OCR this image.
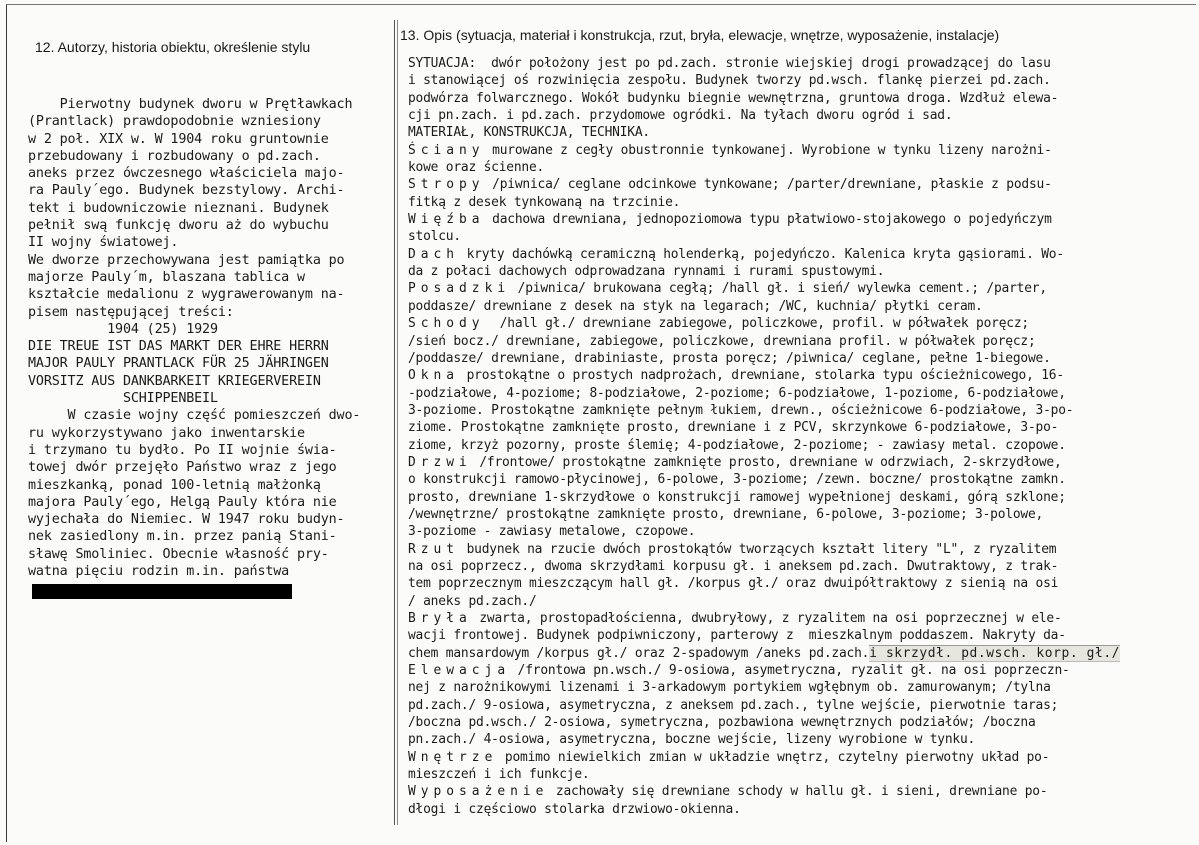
12. Autorzy, historia obiektu, określenie stylu
13. Opis (sytuacja, materiał i konstrukcja, rzut, bryła, elewacje, wnętrze, wyposażenie, instalacje)
Pierwotny budynek dworu w Prętławkach
(Prantlack) prawdopodobnie wzniesiony
w 2 poł. XIX w. W 1904 roku gruntownie
przebudowany i rozbudowany o pd.zach.
aneks przez ówczesnego właściciela majo-
ra Pauly´ego. Budynek bezstylowy. Archi-
tekt i budowniczowie nieznani. Budynek
pełnił swą funkcję dworu aż do wybuchu
II wojny światowej.
We dworze przechowywana jest pamiątka po
majorze Pauly´m, blaszana tablica w
kształcie medalionu z wygrawerowanym na-
pisem następującej treści:
1904 (25) 1929
DIE TREUE IST DAS MARKT DER EHRE HERRN
MAJOR PAULY PRANTLACK FÜR 25 JÄHRINGEN
VORSITZ AUS DANKBARKEIT KRIEGERVEREIN
SCHIPPENBEIL
W czasie wojny część pomieszczeń dwo-
ru wykorzystywano jako inwentarskie
i trzymano tu bydło. Po II wojnie świa-
towej dwór przejęło Państwo wraz z jego
mieszkanką, ponad 100-letnią małżonką
majora Pauly´ego, Helgą Pauly która nie
wyjechała do Niemiec. W 1947 roku budyn-
nek zasiedlony m.in. przez panią Stani-
sławę Smoliniec. Obecnie własność pry-
watna pięciu rodzin m.in. państwa
SYTUACJA:  dwór położony jest po pd.zach. stronie wiejskiej drogi prowadzącej do lasu
i stanowiącej oś rozwinięcia zespołu. Budynek tworzy pd.wsch. flankę pierzei pd.zach.
podwórza folwarcznego. Wokół budynku biegnie wewnętrzna, gruntowa droga. Wzdłuż elewa-
cji pn.zach. i pd.zach. przydomowe ogródki. Na tyłach dworu ogród i sad.
MATERIAŁ, KONSTRUKCJA, TECHNIKA.
Ściany murowane z cegły obustronnie tynkowanej. Wyrobione w tynku lizeny narożni-
kowe oraz ścienne.
Stropy /piwnica/ ceglane odcinkowe tynkowane; /parter/drewniane, płaskie z podsu-
fitką z desek tynkowaną na trzcinie.
Więźba dachowa drewniana, jednopoziomowa typu płatwiowo-stojakowego o pojedyńczym
stolcu.
Dach kryty dachówką ceramiczną holenderką, pojedyńczo. Kalenica kryta gąsiorami. Wo-
da z połaci dachowych odprowadzana rynnami i rurami spustowymi.
Posadzki /piwnica/ brukowana cegłą; /hall gł. i sień/ wylewka cement.; /parter,
poddasze/ drewniane z desek na styk na legarach; /WC, kuchnia/ płytki ceram.
Schody  /hall gł./ drewniane zabiegowe, policzkowe, profil. w półwałek poręcz;
/sień bocz./ drewniane, zabiegowe, policzkowe, drewniana profil. w półwałek poręcz;
/poddasze/ drewniane, drabiniaste, prosta poręcz; /piwnica/ ceglane, pełne 1-biegowe.
Okna prostokątne o prostych nadprożach, drewniane, stolarka typu ościeżnicowego, 16-
-podziałowe, 4-poziome; 8-podziałowe, 2-poziome; 6-podziałowe, 1-poziome, 6-podziałowe,
3-poziome. Prostokątne zamknięte pełnym łukiem, drewn., ościeżnicowe 6-podziałowe, 3-po-
ziome. Prostokątne zamknięte prosto, drewniane i z PCV, skrzynkowe 6-podziałowe, 3-po-
ziome, krzyż pozorny, proste ślemię; 4-podziałowe, 2-poziome; - zawiasy metal. czopowe.
Drzwi /frontowe/ prostokątne zamknięte prosto, drewniane w odrzwiach, 2-skrzydłowe,
o konstrukcji ramowo-płycinowej, 6-polowe, 3-poziome; /zewn. boczne/ prostokątne zamkn.
prosto, drewniane 1-skrzydłowe o konstrukcji ramowej wypełnionej deskami, górą szklone;
/wewnętrzne/ prostokątne zamknięte prosto, drewniane, 6-polowe, 3-poziome; 3-polowe,
3-poziome - zawiasy metalowe, czopowe.
Rzut budynek na rzucie dwóch prostokątów tworzących kształt litery "L", z ryzalitem
na osi poprzecz., dwoma skrzydłami korpusu gł. i aneksem pd.zach. Dwutraktowy, z trak-
tem poprzecznym mieszczącym hall gł. /korpus gł./ oraz dwuipółtraktowy z sienią na osi
/ aneks pd.zach./
Bryła zwarta, prostopadłościenna, dwubryłowy, z ryzalitem na osi poprzecznej w ele-
wacji frontowej. Budynek podpiwniczony, parterowy z  mieszkalnym poddaszem. Nakryty da-
chem mansardowym /korpus gł./ oraz 2-spadowym /aneks pd.zach.i skrzydł. pd.wsch. korp. gł./
Elewacja /frontowa pn.wsch./ 9-osiowa, asymetryczna, ryzalit gł. na osi poprzeczn-
nej z narożnikowymi lizenami i 3-arkadowym portykiem wgłębnym ob. zamurowanym; /tylna
pd.zach./ 9-osiowa, asymetryczna, z aneksem pd.zach., tylne wejście, pierwotnie taras;
/boczna pd.wsch./ 2-osiowa, symetryczna, pozbawiona wewnętrznych podziałów; /boczna
pn.zach./ 4-osiowa, asymetryczna, boczne wejście, lizeny wyrobione w tynku.
Wnętrze pomimo niewielkich zmian w układzie wnętrz, czytelny pierwotny układ po-
mieszczeń i ich funkcje.
Wyposażenie zachowały się drewniane schody w hallu gł. i sieni, drewniane po-
dłogi i częściowo stolarka drzwiowo-okienna.
